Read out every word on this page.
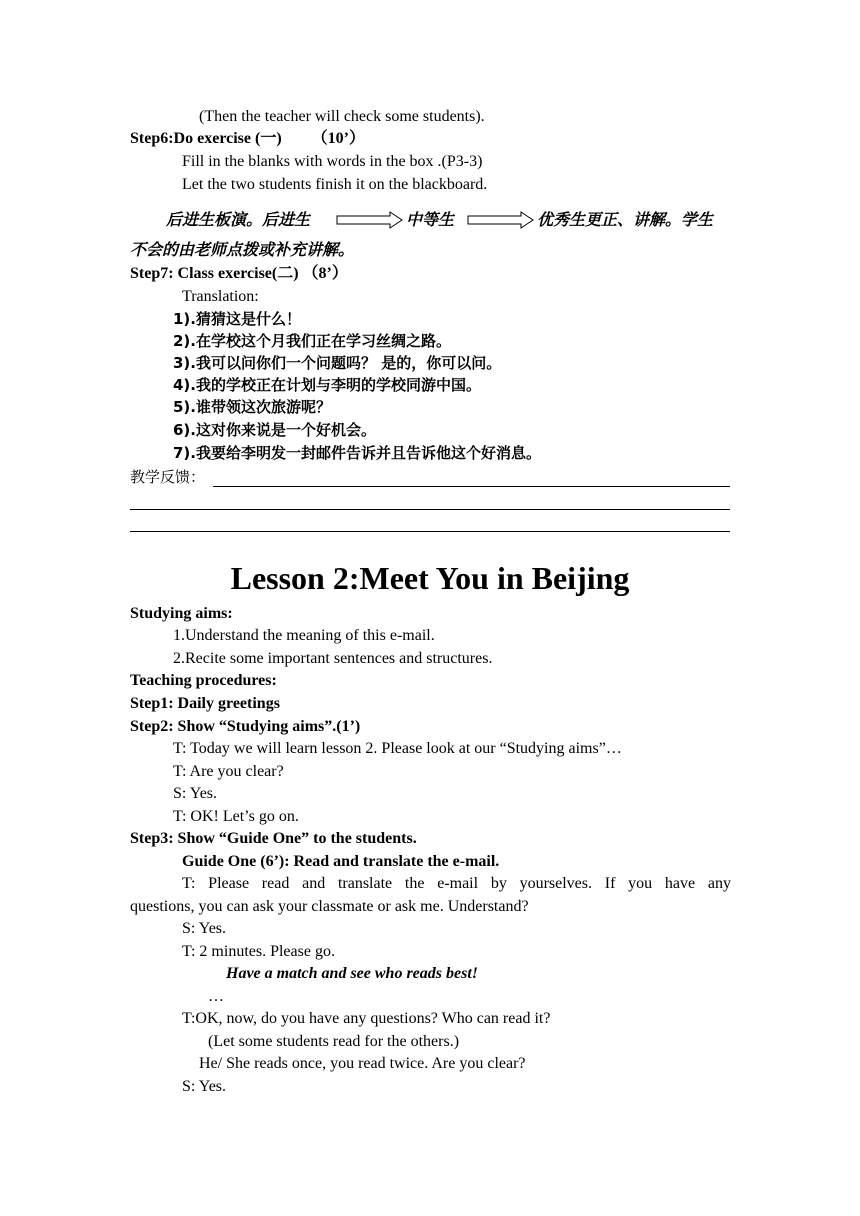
(Then the teacher will check some students).
Step6:Do exercise (一) （10’）
Fill in the blanks with words in the box .(P3-3)
Let the two students finish it on the blackboard.
后进生板演。后进生	中等生	优秀生更正、讲解。学生
不会的由老师点拨或补充讲解。
Step7: Class exercise(二) （8’）
Translation:
1).猜猜这是什么！
2).在学校这个月我们正在学习丝绸之路。
3).我可以问你们一个问题吗？ 是的，你可以问。
4).我的学校正在计划与李明的学校同游中国。
5).谁带领这次旅游呢？
6).这对你来说是一个好机会。
7).我要给李明发一封邮件告诉并且告诉他这个好消息。
教学反馈：
Lesson 2:Meet You in Beijing
Studying aims:
1.Understand the meaning of this e-mail.
2.Recite some important sentences and structures.
Teaching procedures:
Step1: Daily greetings
Step2: Show “Studying aims”.(1’)
T: Today we will learn lesson 2. Please look at our “Studying aims”…
T: Are you clear?
S: Yes.
T: OK! Let’s go on.
Step3: Show “Guide One” to the students.
Guide One (6’): Read and translate the e-mail.
T: Please read and translate the e-mail by yourselves. If you have any
questions, you can ask your classmate or ask me. Understand?
S: Yes.
T: 2 minutes. Please go.
Have a match and see who reads best!
…
T:OK, now, do you have any questions? Who can read it?
(Let some students read for the others.)
He/ She reads once, you read twice. Are you clear?
S: Yes.
